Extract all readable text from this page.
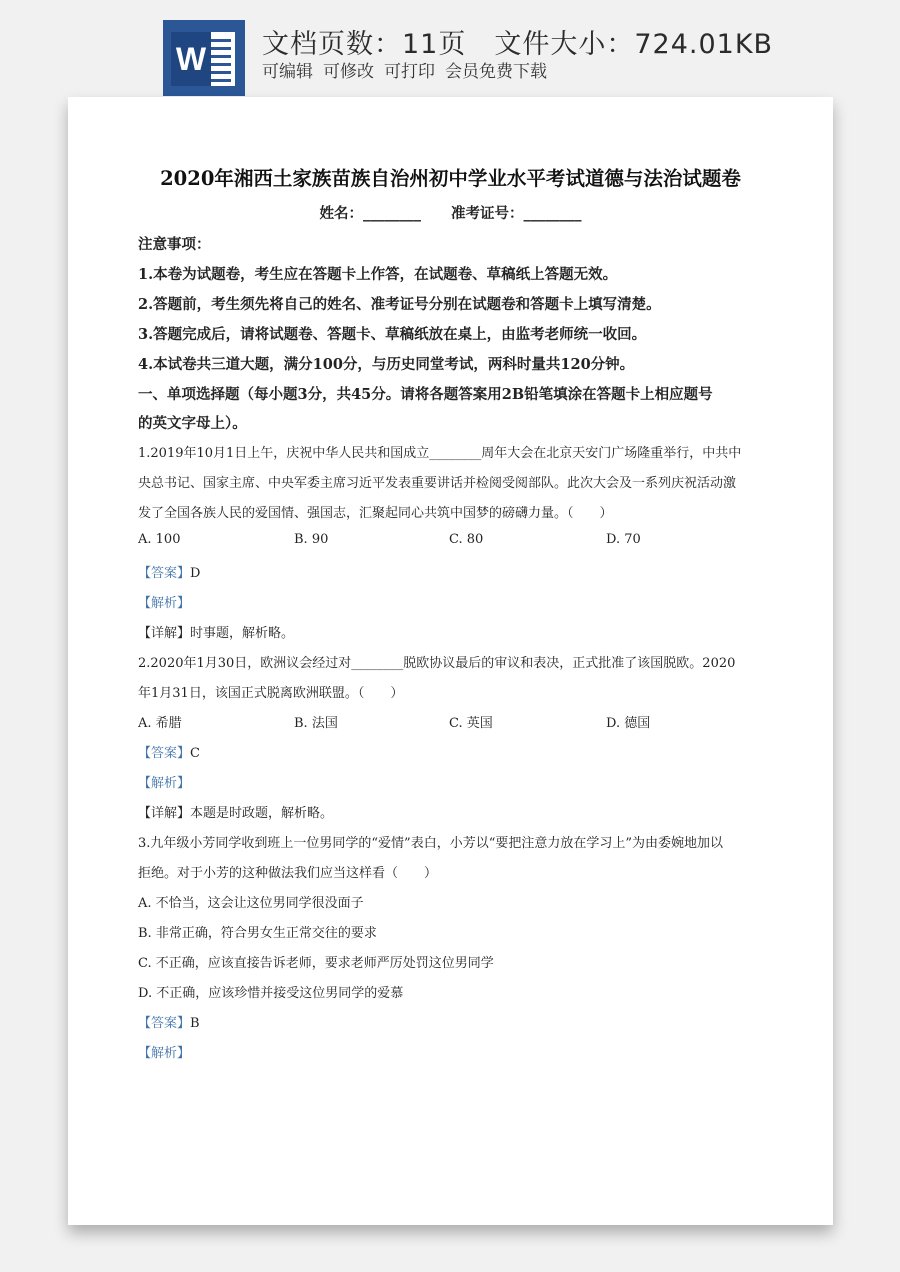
W 文档页数：11页 文件大小：724.01KB
可编辑 可修改 可打印 会员免费下载
2020年湘西土家族苗族自治州初中学业水平考试道德与法治试题卷
姓名：________ 准考证号：________
注意事项：
1.本卷为试题卷，考生应在答题卡上作答，在试题卷、草稿纸上答题无效。
2.答题前，考生须先将自己的姓名、准考证号分别在试题卷和答题卡上填写清楚。
3.答题完成后，请将试题卷、答题卡、草稿纸放在桌上，由监考老师统一收回。
4.本试卷共三道大题，满分100分，与历史同堂考试，两科时量共120分钟。
一、单项选择题（每小题3分，共45分。请将各题答案用2B铅笔填涂在答题卡上相应题号
的英文字母上）。
1.2019年10月1日上午，庆祝中华人民共和国成立________周年大会在北京天安门广场隆重举行，中共中
央总书记、国家主席、中央军委主席习近平发表重要讲话并检阅受阅部队。此次大会及一系列庆祝活动激
发了全国各族人民的爱国情、强国志，汇聚起同心共筑中国梦的磅礴力量。（　　）
A. 100	B. 90	C. 80	D. 70
【答案】D
【解析】
【详解】时事题，解析略。
2.2020年1月30日，欧洲议会经过对________脱欧协议最后的审议和表决，正式批准了该国脱欧。2020
年1月31日，该国正式脱离欧洲联盟。（　　）
A. 希腊	B. 法国	C. 英国	D. 德国
【答案】C
【解析】
【详解】本题是时政题，解析略。
3.九年级小芳同学收到班上一位男同学的“爱情”表白，小芳以“要把注意力放在学习上”为由委婉地加以
拒绝。对于小芳的这种做法我们应当这样看（　　）
A. 不恰当，这会让这位男同学很没面子
B. 非常正确，符合男女生正常交往的要求
C. 不正确，应该直接告诉老师，要求老师严厉处罚这位男同学
D. 不正确，应该珍惜并接受这位男同学的爱慕
【答案】B
【解析】
